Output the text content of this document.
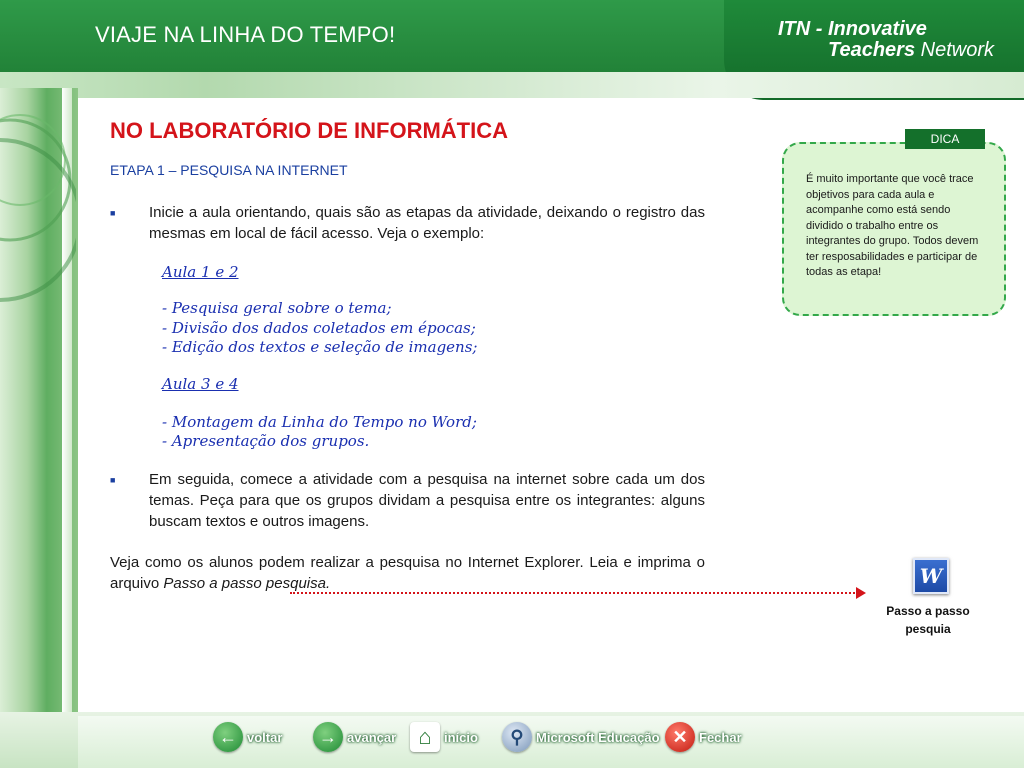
VIAJE NA LINHA DO TEMPO!	ITN - Innovative
Teachers Network
NO LABORATÓRIO DE INFORMÁTICA
ETAPA 1 – PESQUISA NA INTERNET
■ Inicie a aula orientando, quais são as etapas da atividade, deixando o registro das mesmas em local de fácil acesso. Veja o exemplo:
Aula 1 e 2
- Pesquisa geral sobre o tema;
- Divisão dos dados coletados em épocas;
- Edição dos textos e seleção de imagens;
Aula 3 e 4
- Montagem da Linha do Tempo no Word;
- Apresentação dos grupos.
■ Em seguida, comece a atividade com a pesquisa na internet sobre cada um dos temas. Peça para que os grupos dividam a pesquisa entre os integrantes: alguns buscam textos e outros imagens.
Veja como os alunos podem realizar a pesquisa no Internet Explorer. Leia e imprima o arquivo Passo a passo pesquisa.
DICA
É muito importante que você trace objetivos para cada aula e acompanhe como está sendo dividido o trabalho entre os integrantes do grupo. Todos devem ter resposabilidades e participar de todas as etapa!
W
Passo a passo pesquia
← voltar	→ avançar	⌂ início	⚲ Microsoft Educação ✕ Fechar
